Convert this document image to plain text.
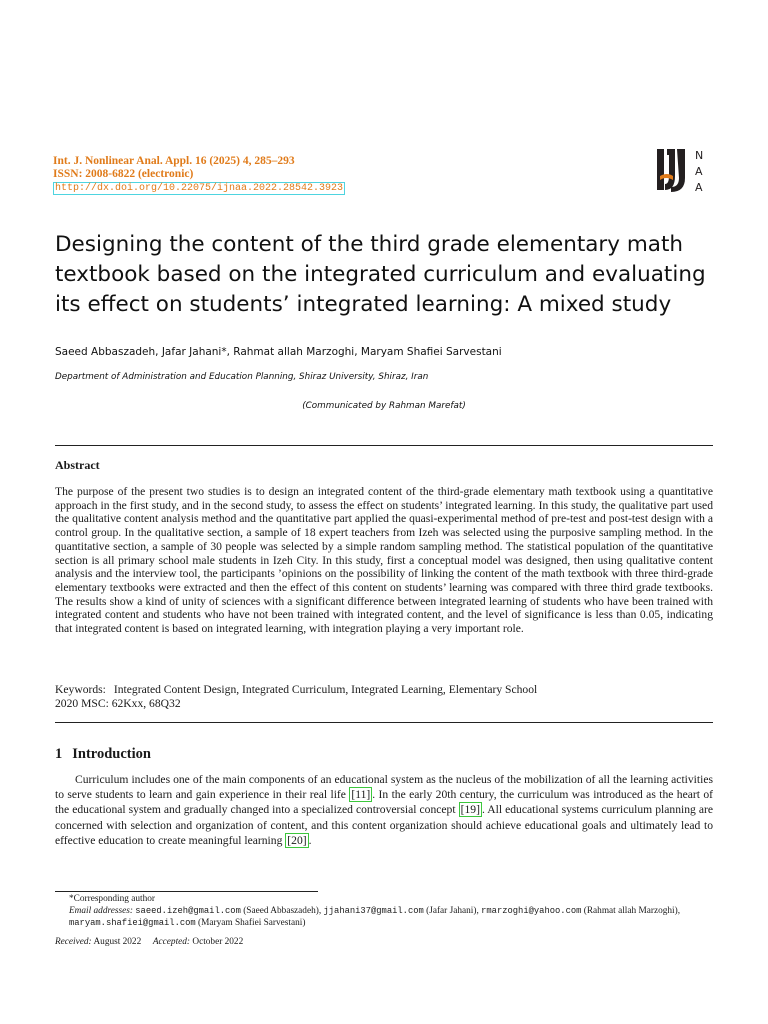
Int. J. Nonlinear Anal. Appl. 16 (2025) 4, 285–293
ISSN: 2008-6822 (electronic)
http://dx.doi.org/10.22075/ijnaa.2022.28542.3923
N
A
A
Designing the content of the third grade elementary math textbook based on the integrated curriculum and evaluating its effect on students’ integrated learning: A mixed study
Saeed Abbaszadeh, Jafar Jahani*, Rahmat allah Marzoghi, Maryam Shafiei Sarvestani
Department of Administration and Education Planning, Shiraz University, Shiraz, Iran
(Communicated by Rahman Marefat)
Abstract
The purpose of the present two studies is to design an integrated content of the third-grade elementary math textbook using a quantitative approach in the first study, and in the second study, to assess the effect on students’ integrated learning. In this study, the qualitative part used the qualitative content analysis method and the quantitative part applied the quasi-experimental method of pre-test and post-test design with a control group. In the qualitative section, a sample of 18 expert teachers from Izeh was selected using the purposive sampling method. In the quantitative section, a sample of 30 people was selected by a simple random sampling method. The statistical population of the quantitative section is all primary school male students in Izeh City. In this study, first a conceptual model was designed, then using qualitative content analysis and the interview tool, the participants ’opinions on the possibility of linking the content of the math textbook with three third-grade elementary textbooks were extracted and then the effect of this content on students’ learning was compared with three third grade textbooks. The results show a kind of unity of sciences with a significant difference between integrated learning of students who have been trained with integrated content and students who have not been trained with integrated content, and the level of significance is less than 0.05, indicating that integrated content is based on integrated learning, with integration playing a very important role.
Keywords: Integrated Content Design, Integrated Curriculum, Integrated Learning, Elementary School
2020 MSC: 62Kxx, 68Q32
1 Introduction
Curriculum includes one of the main components of an educational system as the nucleus of the mobilization of all the learning activities to serve students to learn and gain experience in their real life [11] . In the early 20th century, the curriculum was introduced as the heart of the educational system and gradually changed into a specialized controversial concept [19] . All educational systems curriculum planning are concerned with selection and organization of content, and this content organization should achieve educational goals and ultimately lead to effective education to create meaningful learning [20] .
*Corresponding author
Email addresses: saeed.izeh@gmail.com (Saeed Abbaszadeh), jjahani37@gmail.com (Jafar Jahani), rmarzoghi@yahoo.com (Rahmat allah Marzoghi), maryam.shafiei@gmail.com (Maryam Shafiei Sarvestani)
Received: August 2022 Accepted: October 2022
